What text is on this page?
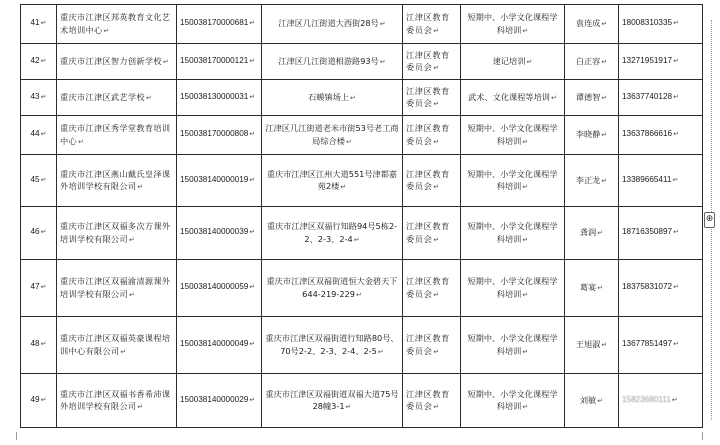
41↵	重庆市江津区邦英教育文化艺术培训中心↵	150038170000681↵	江津区几江街道大西街28号↵	江津区教育委员会↵	短期中、小学文化课程学科培训↵	袁连成↵	18008310335↵
42↵	重庆市江津区智力创新学校↵	150038170000121↵	江津区几江街道相游路93号↵	江津区教育委员会↵	速记培训↵	白正容↵	13271951917↵
43↵	重庆市江津区武艺学校↵	150038130000031↵	石蟆镇场上↵	江津区教育委员会↵	武术、文化课程等培训↵	谭德智↵	13637740128↵
44↵	重庆市江津区秀学堂教育培训中心↵	150038170000808↵	江津区几江街道老米市街53号老工商局综合楼↵	江津区教育委员会↵	短期中、小学文化课程学科培训↵	李晓静↵	13637866616↵
45↵	重庆市江津区燕山戴氏皇泽课外培训学校有限公司↵	150038140000019↵	重庆市江津区江州大道551号津都嘉苑2楼↵	江津区教育委员会↵	短期中、小学文化课程学科培训↵	李正龙↵	13389665411↵
46↵	重庆市江津区双福多次方课外培训学校有限公司↵	150038140000039↵	重庆市江津区双福行知路94号5栋2-2、2-3、2-4↵	江津区教育委员会↵	短期中、小学文化课程学科培训↵	龚润↵	18716350897↵
47↵	重庆市江津区双福渝清源课外培训学校有限公司↵	150038140000059↵	重庆市江津区双福街道恒大金碧天下644-219-229↵	江津区教育委员会↵	短期中、小学文化课程学科培训↵	葛宴↵	18375831072↵
48↵	重庆市江津区双福英豪课程培训中心有限公司↵	150038140000049↵	重庆市江津区双福街道行知路80号、70号2-2、2-3、2-4、2-5↵	江津区教育委员会↵	短期中、小学文化课程学科培训↵	王旭淑↵	13677851497↵
49↵	重庆市江津区双福书香希沛课外培训学校有限公司↵	150038140000029↵	重庆市江津区双福街道双福大道75号28幢3-1↵	江津区教育委员会↵	短期中、小学文化课程学科培训↵	刘敏↵	15823680111↵
⊕
